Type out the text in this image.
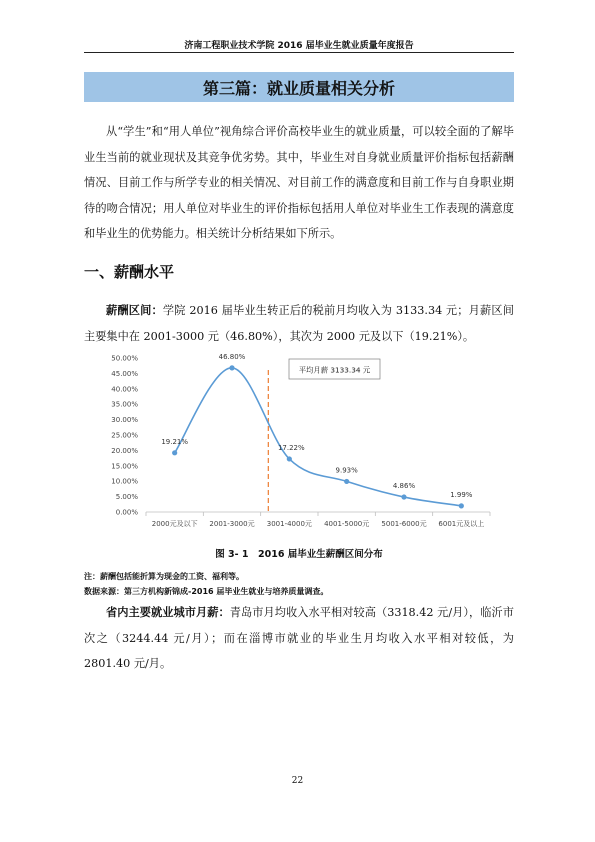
济南工程职业技术学院 2016 届毕业生就业质量年度报告
第三篇：就业质量相关分析

从“学生”和“用人单位”视角综合评价高校毕业生的就业质量，可以较全面的了解毕业生当前的就业现状及其竞争优劣势。其中，毕业生对自身就业质量评价指标包括薪酬情况、目前工作与所学专业的相关情况、对目前工作的满意度和目前工作与自身职业期待的吻合情况；用人单位对毕业生的评价指标包括用人单位对毕业生工作表现的满意度和毕业生的优势能力。相关统计分析结果如下所示。

一、薪酬水平

薪酬区间：学院 2016 届毕业生转正后的税前月均收入为 3133.34 元；月薪区间主要集中在 2001-3000 元（46.80%），其次为 2000 元及以下（19.21%）。

0.00%
5.00%
10.00%
15.00%
20.00%
25.00%
30.00%
35.00%
40.00%
45.00%
50.00%
2000元及以下 2001-3000元 3001-4000元 4001-5000元 5001-6000元 6001元及以上
平均月薪 3133.34 元
19.21%
46.80%
17.22%
9.93%
4.86%
1.99%
图 3- 1　2016 届毕业生薪酬区间分布
注：薪酬包括能折算为现金的工资、福利等。
数据来源：第三方机构新锦成-2016 届毕业生就业与培养质量调查。

省内主要就业城市月薪：青岛市月均收入水平相对较高（3318.42 元/月），临沂市次之（3244.44 元/月）；而在淄博市就业的毕业生月均收入水平相对较低，为 2801.40 元/月。

22
